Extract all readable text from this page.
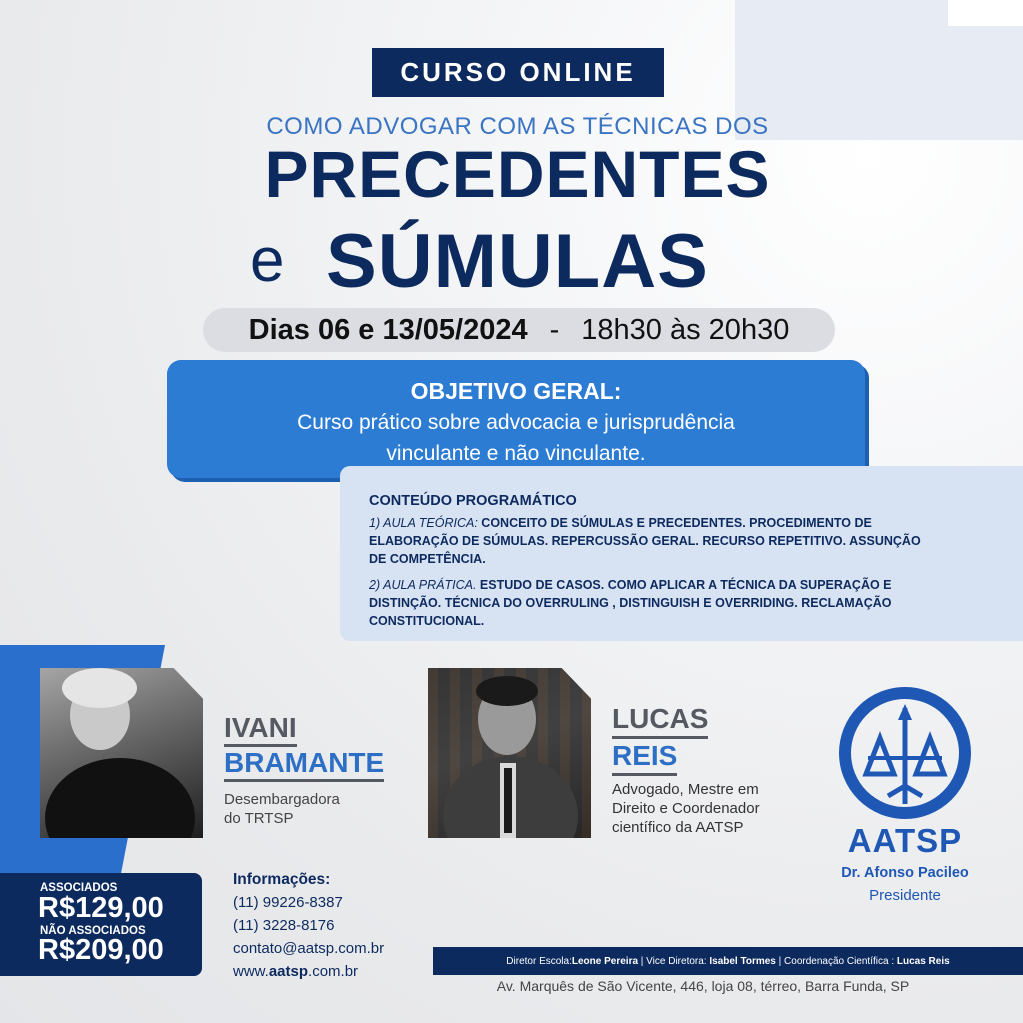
CURSO ONLINE
COMO ADVOGAR COM AS TÉCNICAS DOS
PRECEDENTES
e SÚMULAS
Dias 06 e 13/05/2024 - 18h30 às 20h30
OBJETIVO GERAL:
Curso prático sobre advocacia e jurisprudência
vinculante e não vinculante.
CONTEÚDO PROGRAMÁTICO

1) AULA TEÓRICA: CONCEITO DE SÚMULAS E PRECEDENTES. PROCEDIMENTO DE ELABORAÇÃO DE SÚMULAS. REPERCUSSÃO GERAL. RECURSO REPETITIVO. ASSUNÇÃO DE COMPETÊNCIA.

2) AULA PRÁTICA. ESTUDO DE CASOS. COMO APLICAR A TÉCNICA DA SUPERAÇÃO E DISTINÇÃO. TÉCNICA DO OVERRULING , DISTINGUISH E OVERRIDING. RECLAMAÇÃO CONSTITUCIONAL.

IVANI
BRAMANTE
Desembargadora
do TRTSP
LUCAS
REIS
Advogado, Mestre em
Direito e Coordenador
científico da AATSP	AATSP
Dr. Afonso Pacileo
Presidente
ASSOCIADOS
R$129,00
NÃO ASSOCIADOS
R$209,00
Informações:
(11) 99226-8387
(11) 3228-8176
contato@aatsp.com.br
www.aatsp.com.br
Diretor Escola: Leone Pereira | Vice Diretora: Isabel Tormes | Coordenação Científica : Lucas Reis
Av. Marquês de São Vicente, 446, loja 08, térreo, Barra Funda, SP
